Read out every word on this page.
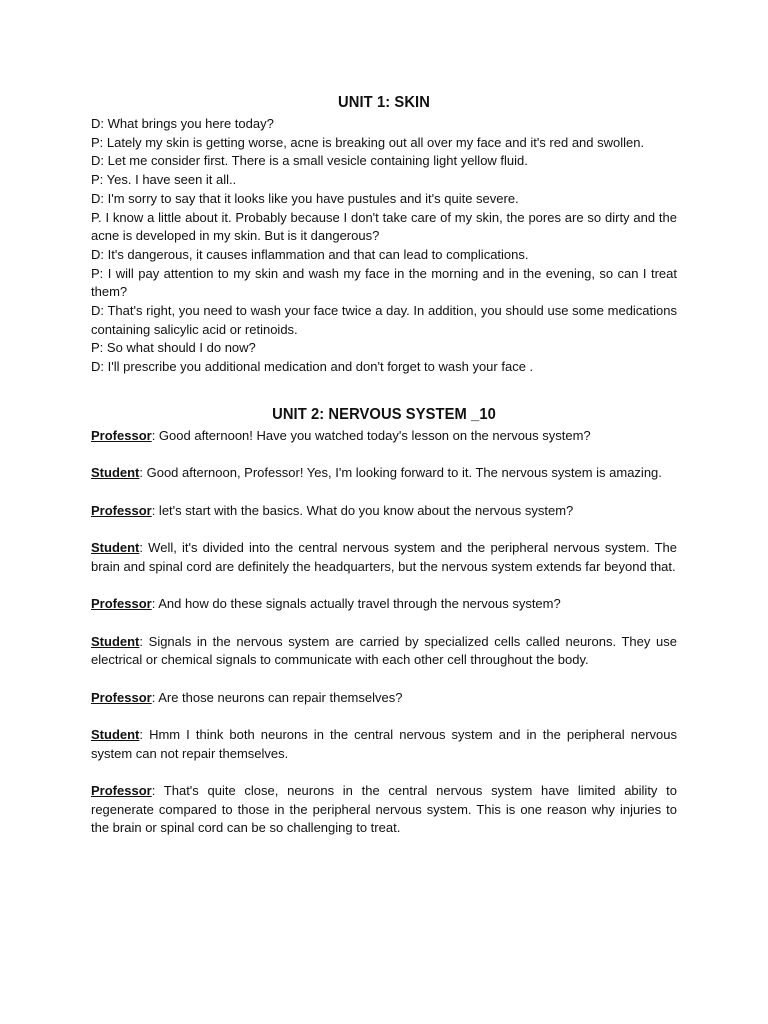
UNIT 1: SKIN

D: What brings you here today?

P: Lately my skin is getting worse, acne is breaking out all over my face and it's red and swollen.

D: Let me consider first. There is a small vesicle containing light yellow fluid.

P: Yes. I have seen it all..

D: I'm sorry to say that it looks like you have pustules and it's quite severe.

P. I know a little about it. Probably because I don't take care of my skin, the pores are so dirty and the acne is developed in my skin. But is it dangerous?

D: It's dangerous, it causes inflammation and that can lead to complications.

P: I will pay attention to my skin and wash my face in the morning and in the evening, so can I treat them?

D: That's right, you need to wash your face twice a day. In addition, you should use some medications containing salicylic acid or retinoids.

P: So what should I do now?

D: I'll prescribe you additional medication and don't forget to wash your face .

UNIT 2: NERVOUS SYSTEM _10

Professor: Good afternoon! Have you watched today's lesson on the nervous system?

Student: Good afternoon, Professor! Yes, I'm looking forward to it. The nervous system is amazing.

Professor: let's start with the basics. What do you know about the nervous system?

Student: Well, it's divided into the central nervous system and the peripheral nervous system. The brain and spinal cord are definitely the headquarters, but the nervous system extends far beyond that.

Professor: And how do these signals actually travel through the nervous system?

Student: Signals in the nervous system are carried by specialized cells called neurons. They use electrical or chemical signals to communicate with each other cell throughout the body.

Professor: Are those neurons can repair themselves?

Student: Hmm I think both neurons in the central nervous system and in the peripheral nervous system can not repair themselves.

Professor: That's quite close, neurons in the central nervous system have limited ability to regenerate compared to those in the peripheral nervous system. This is one reason why injuries to the brain or spinal cord can be so challenging to treat.
